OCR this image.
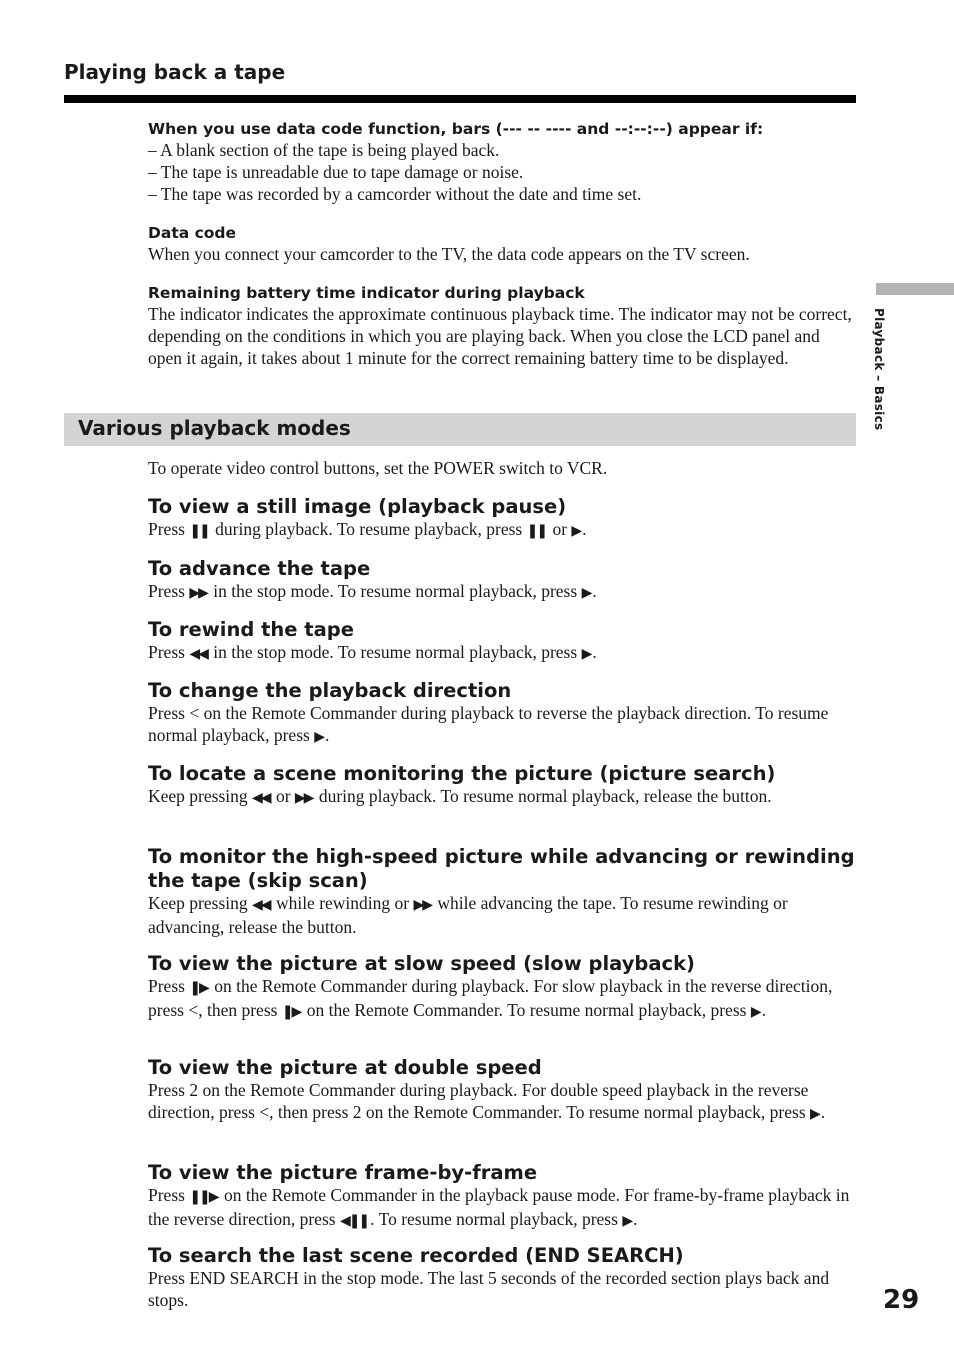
Playing back a tape
Playback – Basics

When you use data code function, bars (--- -- ---- and --:--:--) appear if:

– A blank section of the tape is being played back.

– The tape is unreadable due to tape damage or noise.

– The tape was recorded by a camcorder without the date and time set.

Data code

When you connect your camcorder to the TV, the data code appears on the TV screen.

Remaining battery time indicator during playback

The indicator indicates the approximate continuous playback time. The indicator may not be correct, depending on the conditions in which you are playing back. When you close the LCD panel and open it again, it takes about 1 minute for the correct remaining battery time to be displayed.

Various playback modes

To operate video control buttons, set the POWER switch to VCR.

To view a still image (playback pause)

Press ❚❚ during playback. To resume playback, press ❚❚ or ▶ .

To advance the tape

Press ▶▶ in the stop mode. To resume normal playback, press ▶ .

To rewind the tape

Press ◀◀ in the stop mode. To resume normal playback, press ▶ .

To change the playback direction

Press < on the Remote Commander during playback to reverse the playback direction. To resume normal playback, press ▶ .

To locate a scene monitoring the picture (picture search)

Keep pressing ◀◀ or ▶▶ during playback. To resume normal playback, release the button.

To monitor the high-speed picture while advancing or rewinding the tape (skip scan)

Keep pressing ◀◀ while rewinding or ▶▶ while advancing the tape. To resume rewinding or advancing, release the button.

To view the picture at slow speed (slow playback)

Press ❚▶ on the Remote Commander during playback. For slow playback in the reverse direction, press <, then press ❚▶ on the Remote Commander. To resume normal playback, press ▶ .

To view the picture at double speed

Press 2 on the Remote Commander during playback. For double speed playback in the reverse direction, press <, then press 2 on the Remote Commander. To resume normal playback, press ▶ .

To view the picture frame-by-frame

Press ❚❚▶ on the Remote Commander in the playback pause mode. For frame-by-frame playback in the reverse direction, press ◀❚❚ . To resume normal playback, press ▶ .

To search the last scene recorded (END SEARCH)

Press END SEARCH in the stop mode. The last 5 seconds of the recorded section plays back and stops.	29
